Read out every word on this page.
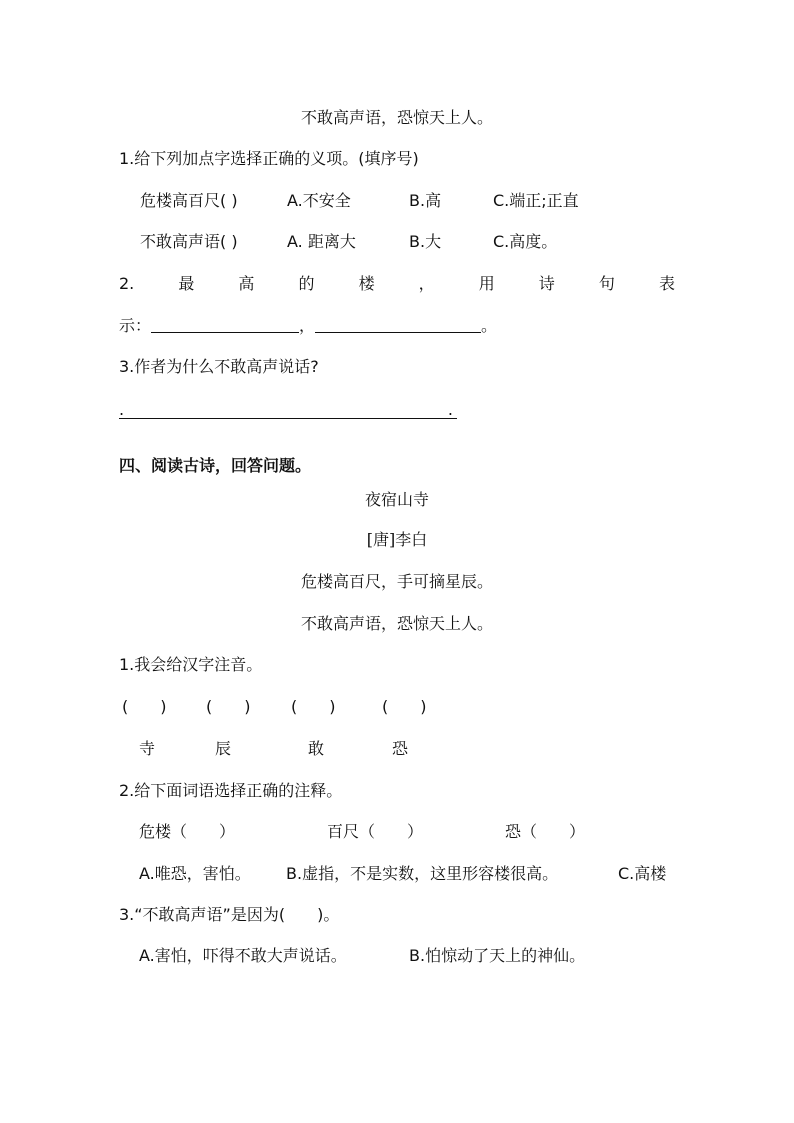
不敢高声语，恐惊天上人。
1.给下列加点字选择正确的义项。(填序号)
危楼高百尺( )	A.不安全	B.高	C.端正;正直
不敢高声语( )	A. 距离大	B.大	C.高度。
2.	最	高	的	楼	，	用	诗	句	表
示：	，	。
3.作者为什么不敢高声说话?
.	.
四、阅读古诗，回答问题。
夜宿山寺
[唐]李白
危楼高百尺，手可摘星辰。
不敢高声语，恐惊天上人。
1.我会给汉字注音。
(　　) (　　)	(　　)	(　　)
寺	辰	敢	恐
2.给下面词语选择正确的注释。
危楼（　　）	百尺（　　）	恐（　　）
A.唯恐，害怕。 B.虚指，不是实数，这里形容楼很高。	C.高楼
3.“不敢高声语”是因为(　　)。
A.害怕，吓得不敢大声说话。	B.怕惊动了天上的神仙。
